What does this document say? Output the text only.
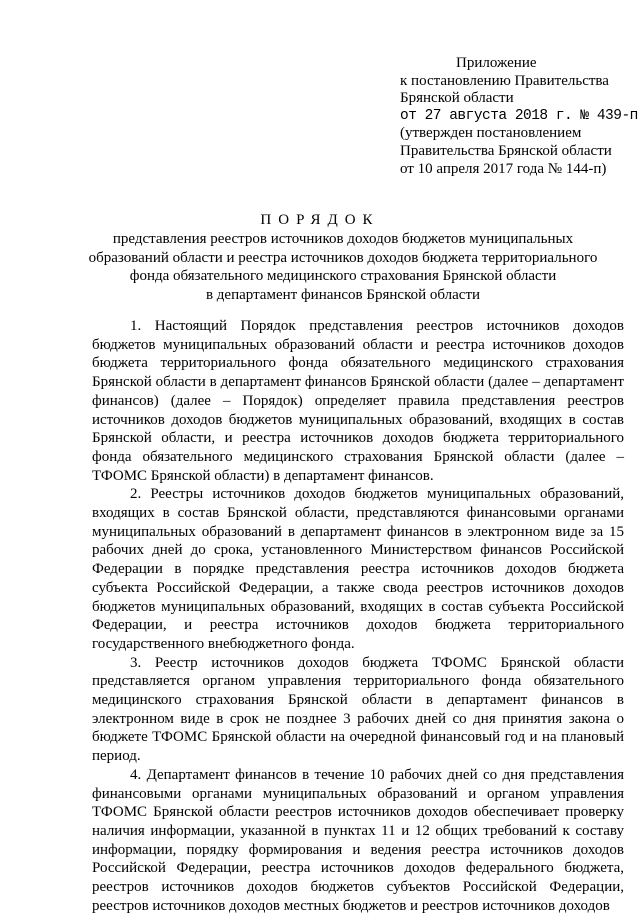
Приложение
к постановлению Правительства
Брянской области
от 27 августа 2018 г. № 439-п
(утвержден постановлением
Правительства Брянской области
от 10 апреля 2017 года № 144-п)
ПОРЯДОК
представления реестров источников доходов бюджетов муниципальных
образований области и реестра источников доходов бюджета территориального
фонда обязательного медицинского страхования Брянской области
в департамент финансов Брянской области

1. Настоящий Порядок представления реестров источников доходов бюджетов муниципальных образований области и реестра источников доходов бюджета территориального фонда обязательного медицинского страхования Брянской области в департамент финансов Брянской области (далее – департамент финансов) (далее – Порядок) определяет правила представления реестров источников доходов бюджетов муниципальных образований, входящих в состав Брянской области, и реестра источников доходов бюджета территориального фонда обязательного медицинского страхования Брянской области (далее – ТФОМС Брянской области) в департамент финансов.

2. Реестры источников доходов бюджетов муниципальных образований, входящих в состав Брянской области, представляются финансовыми органами муниципальных образований в департамент финансов в электронном виде за 15 рабочих дней до срока, установленного Министерством финансов Российской Федерации в порядке представления реестра источников доходов бюджета субъекта Российской Федерации, а также свода реестров источников доходов бюджетов муниципальных образований, входящих в состав субъекта Российской Федерации, и реестра источников доходов бюджета территориального государственного внебюджетного фонда.

3. Реестр источников доходов бюджета ТФОМС Брянской области представляется органом управления территориального фонда обязательного медицинского страхования Брянской области в департамент финансов в электронном виде в срок не позднее 3 рабочих дней со дня принятия закона о бюджете ТФОМС Брянской области на очередной финансовый год и на плановый период.

4. Департамент финансов в течение 10 рабочих дней со дня представления финансовыми органами муниципальных образований и органом управления ТФОМС Брянской области реестров источников доходов обеспечивает проверку наличия информации, указанной в пунктах 11 и 12 общих требований к составу информации, порядку формирования и ведения реестра источников доходов Российской Федерации, реестра источников доходов федерального бюджета, реестров источников доходов бюджетов субъектов Российской Федерации, реестров источников доходов местных бюджетов и реестров источников доходов
